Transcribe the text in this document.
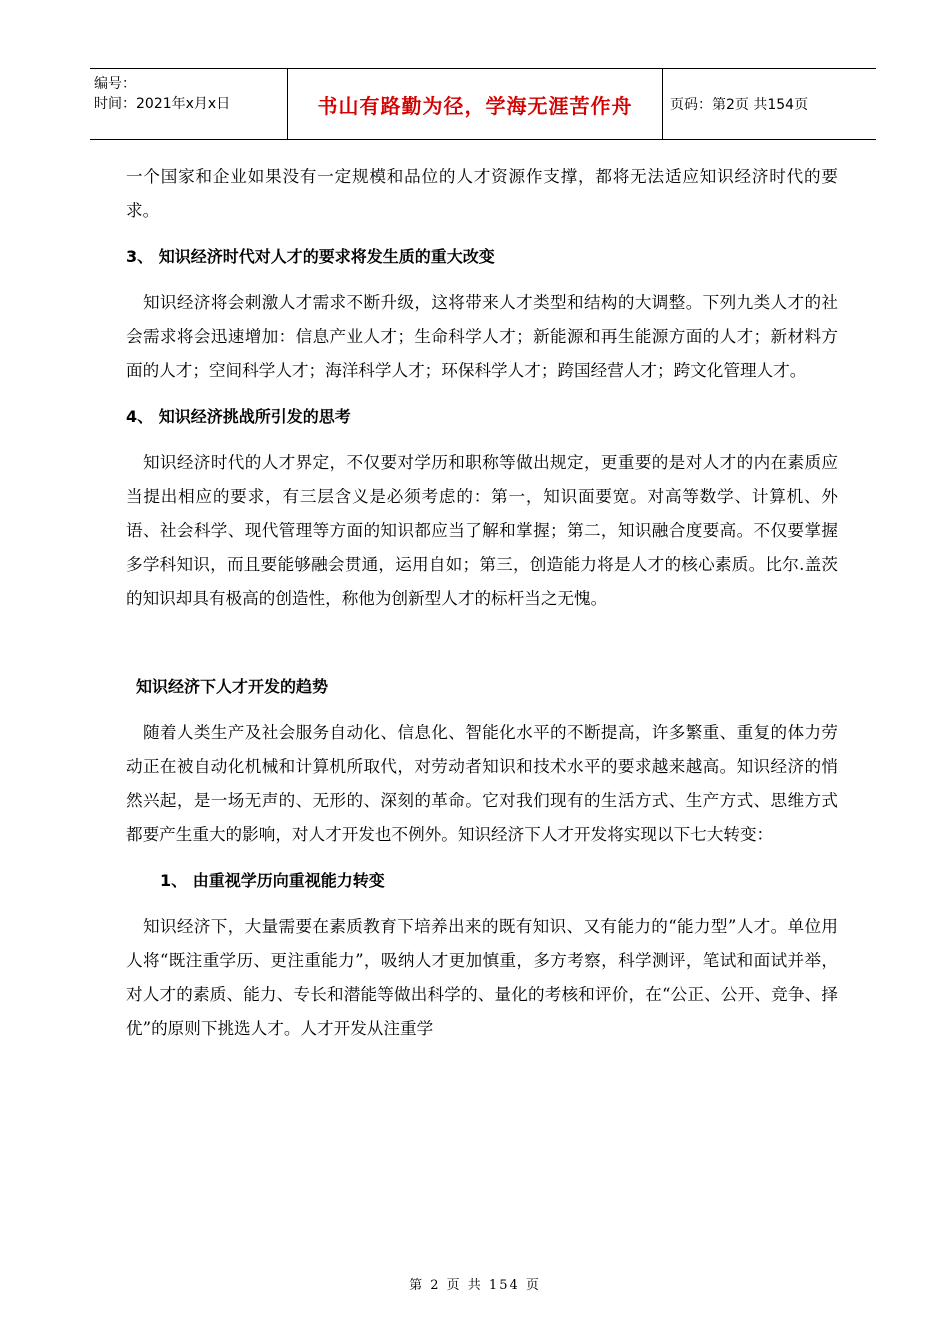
编号：
时间：2021年x月x日	书山有路勤为径，学海无涯苦作舟	页码：第2页 共154页

一个国家和企业如果没有一定规模和品位的人才资源作支撑，都将无法适应知识经济时代的要求。

3、 知识经济时代对人才的要求将发生质的重大改变

知识经济将会刺激人才需求不断升级，这将带来人才类型和结构的大调整。下列九类人才的社会需求将会迅速增加：信息产业人才；生命科学人才；新能源和再生能源方面的人才；新材料方面的人才；空间科学人才；海洋科学人才；环保科学人才；跨国经营人才；跨文化管理人才。

4、 知识经济挑战所引发的思考

知识经济时代的人才界定，不仅要对学历和职称等做出规定，更重要的是对人才的内在素质应当提出相应的要求，有三层含义是必须考虑的：第一，知识面要宽。对高等数学、计算机、外语、社会科学、现代管理等方面的知识都应当了解和掌握；第二，知识融合度要高。不仅要掌握多学科知识，而且要能够融会贯通，运用自如；第三，创造能力将是人才的核心素质。比尔.盖茨的知识却具有极高的创造性，称他为创新型人才的标杆当之无愧。

知识经济下人才开发的趋势

随着人类生产及社会服务自动化、信息化、智能化水平的不断提高，许多繁重、重复的体力劳动正在被自动化机械和计算机所取代，对劳动者知识和技术水平的要求越来越高。知识经济的悄然兴起，是一场无声的、无形的、深刻的革命。它对我们现有的生活方式、生产方式、思维方式都要产生重大的影响，对人才开发也不例外。知识经济下人才开发将实现以下七大转变：

1、 由重视学历向重视能力转变

知识经济下，大量需要在素质教育下培养出来的既有知识、又有能力的“能力型”人才。单位用人将“既注重学历、更注重能力”，吸纳人才更加慎重，多方考察，科学测评，笔试和面试并举，对人才的素质、能力、专长和潜能等做出科学的、量化的考核和评价，在“公正、公开、竞争、择优”的原则下挑选人才。人才开发从注重学

第 2 页 共 154 页
